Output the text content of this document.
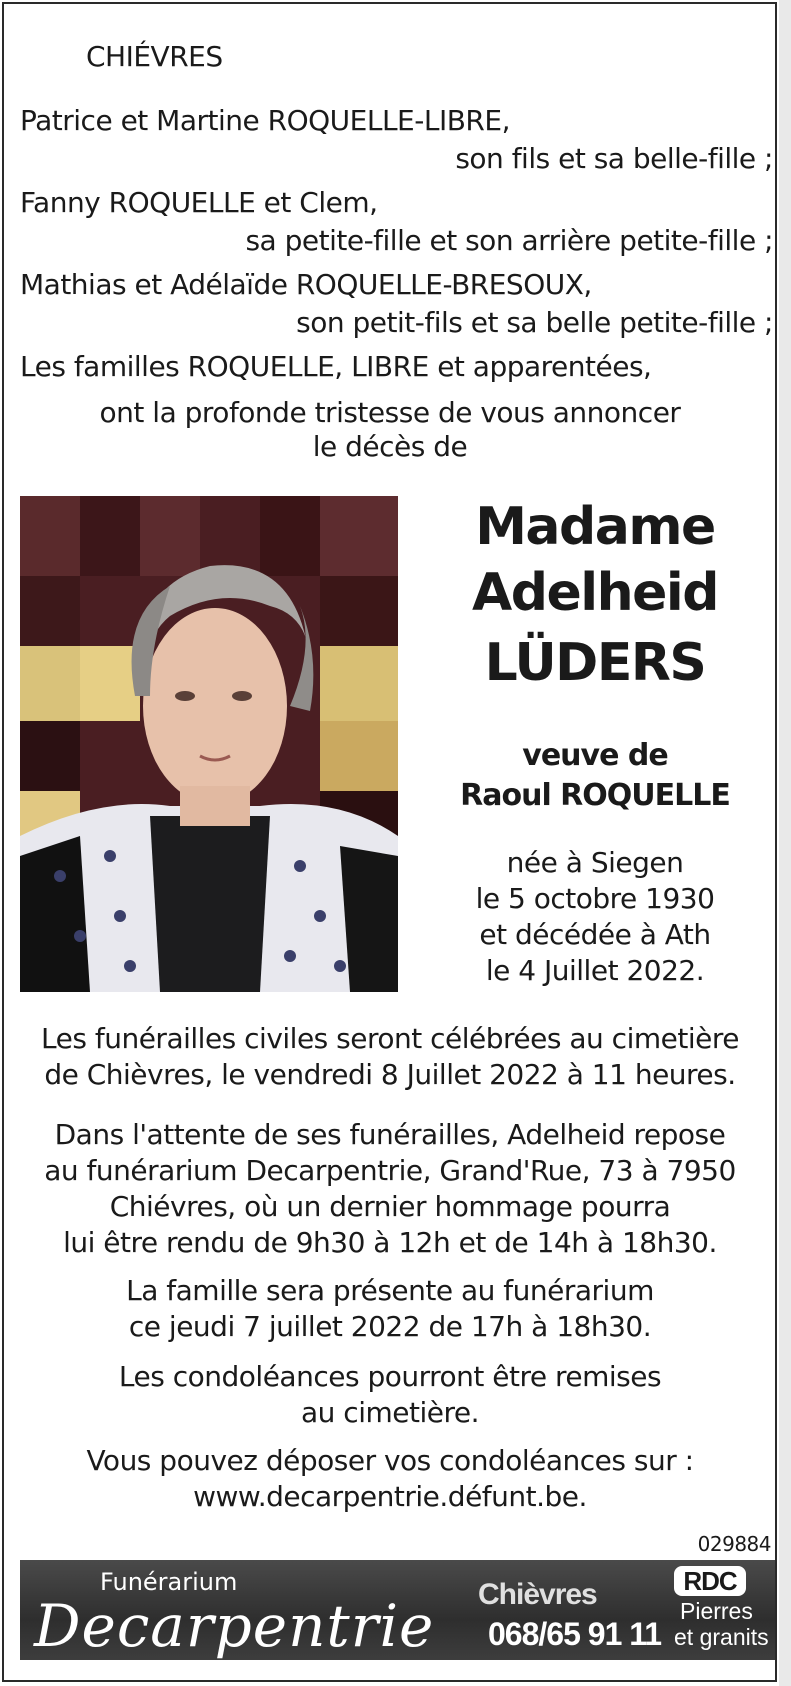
CHIÉVRES
Patrice et Martine ROQUELLE-LIBRE,
son fils et sa belle-fille ;
Fanny ROQUELLE et Clem,
sa petite-fille et son arrière petite-fille ;
Mathias et Adélaïde ROQUELLE-BRESOUX,
son petit-fils et sa belle petite-fille ;
Les familles ROQUELLE, LIBRE et apparentées,
ont la profonde tristesse de vous annoncer
le décès de
Madame
Adelheid
LÜDERS
veuve de
Raoul ROQUELLE
née à Siegen
le 5 octobre 1930
et décédée à Ath
le 4 Juillet 2022.
Les funérailles civiles seront célébrées au cimetière
de Chièvres, le vendredi 8 Juillet 2022 à 11 heures.
Dans l'attente de ses funérailles, Adelheid repose
au funérarium Decarpentrie, Grand'Rue, 73 à 7950
Chiévres, où un dernier hommage pourra
lui être rendu de 9h30 à 12h et de 14h à 18h30.
La famille sera présente au funérarium
ce jeudi 7 juillet 2022 de 17h à 18h30.
Les condoléances pourront être remises
au cimetière.
Vous pouvez déposer vos condoléances sur :
www.decarpentrie.défunt.be.
029884
Funérarium
Decarpentrie Chièvres
068/65 91 11
RDC
Pierres
et granits
